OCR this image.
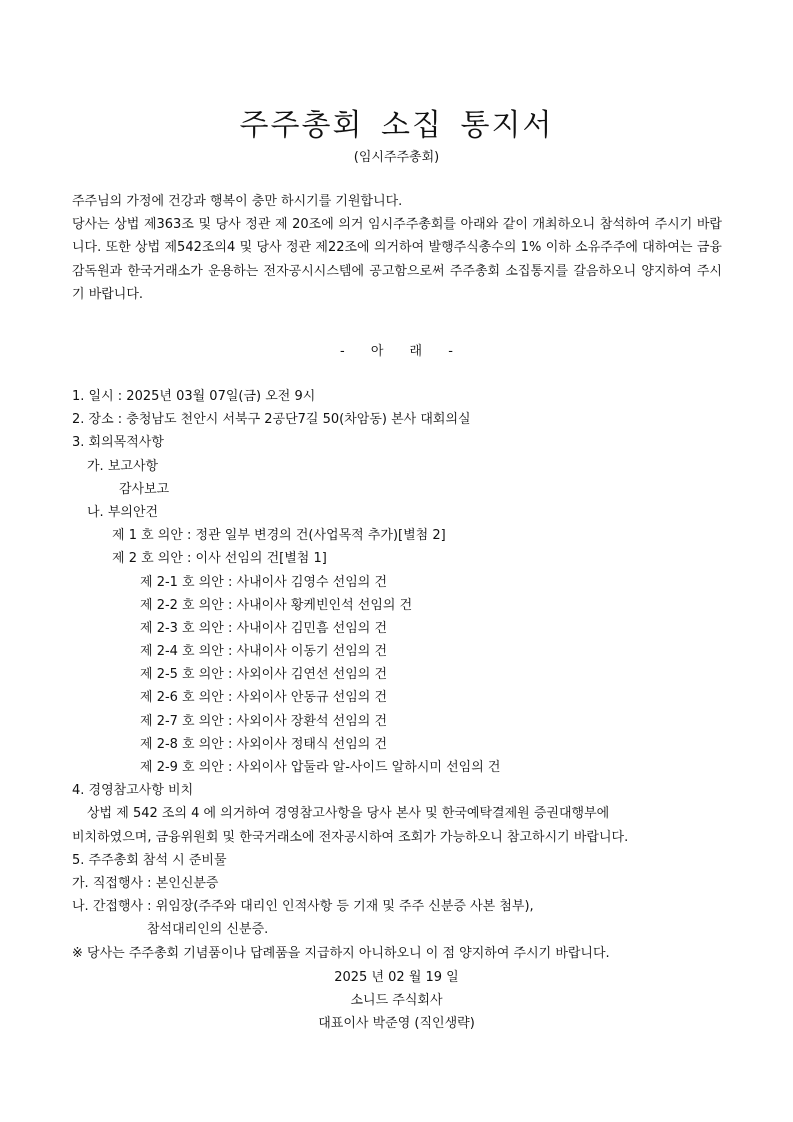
주주총회 소집 통지서
(임시주주총회)

주주님의 가정에 건강과 행복이 충만 하시기를 기원합니다.

당사는 상법 제363조 및 당사 정관 제 20조에 의거 임시주주총회를 아래와 같이 개최하오니 참석하여 주시기 바랍니다. 또한 상법 제542조의4 및 당사 정관 제22조에 의거하여 발행주식총수의 1% 이하 소유주주에 대하여는 금융감독원과 한국거래소가 운용하는 전자공시시스템에 공고함으로써 주주총회 소집통지를 갈음하오니 양지하여 주시기 바랍니다.

- 아 래 -
1. 일시 : 2025년 03월 07일(금) 오전 9시
2. 장소 : 충청남도 천안시 서북구 2공단7길 50(차암동) 본사 대회의실
3. 회의목적사항
가. 보고사항
감사보고
나. 부의안건
제 1 호 의안 : 정관 일부 변경의 건(사업목적 추가)[별첨 2]
제 2 호 의안 : 이사 선임의 건[별첨 1]
제 2-1 호 의안 : 사내이사 김영수 선임의 건
제 2-2 호 의안 : 사내이사 황케빈인석 선임의 건
제 2-3 호 의안 : 사내이사 김민흠 선임의 건
제 2-4 호 의안 : 사내이사 이동기 선임의 건
제 2-5 호 의안 : 사외이사 김연선 선임의 건
제 2-6 호 의안 : 사외이사 안동규 선임의 건
제 2-7 호 의안 : 사외이사 장환석 선임의 건
제 2-8 호 의안 : 사외이사 정태식 선임의 건
제 2-9 호 의안 : 사외이사 압둘라 알-사이드 알하시미 선임의 건
4. 경영참고사항 비치
상법 제 542 조의 4 에 의거하여 경영참고사항을 당사 본사 및 한국예탁결제원 증권대행부에
비치하였으며, 금융위원회 및 한국거래소에 전자공시하여 조회가 가능하오니 참고하시기 바랍니다.
5. 주주총회 참석 시 준비물
가. 직접행사 : 본인신분증
나. 간접행사 : 위임장(주주와 대리인 인적사항 등 기재 및 주주 신분증 사본 첨부),
참석대리인의 신분증.
※ 당사는 주주총회 기념품이나 답례품을 지급하지 아니하오니 이 점 양지하여 주시기 바랍니다.
2025 년 02 월 19 일
소니드 주식회사
대표이사 박준영 (직인생략)
